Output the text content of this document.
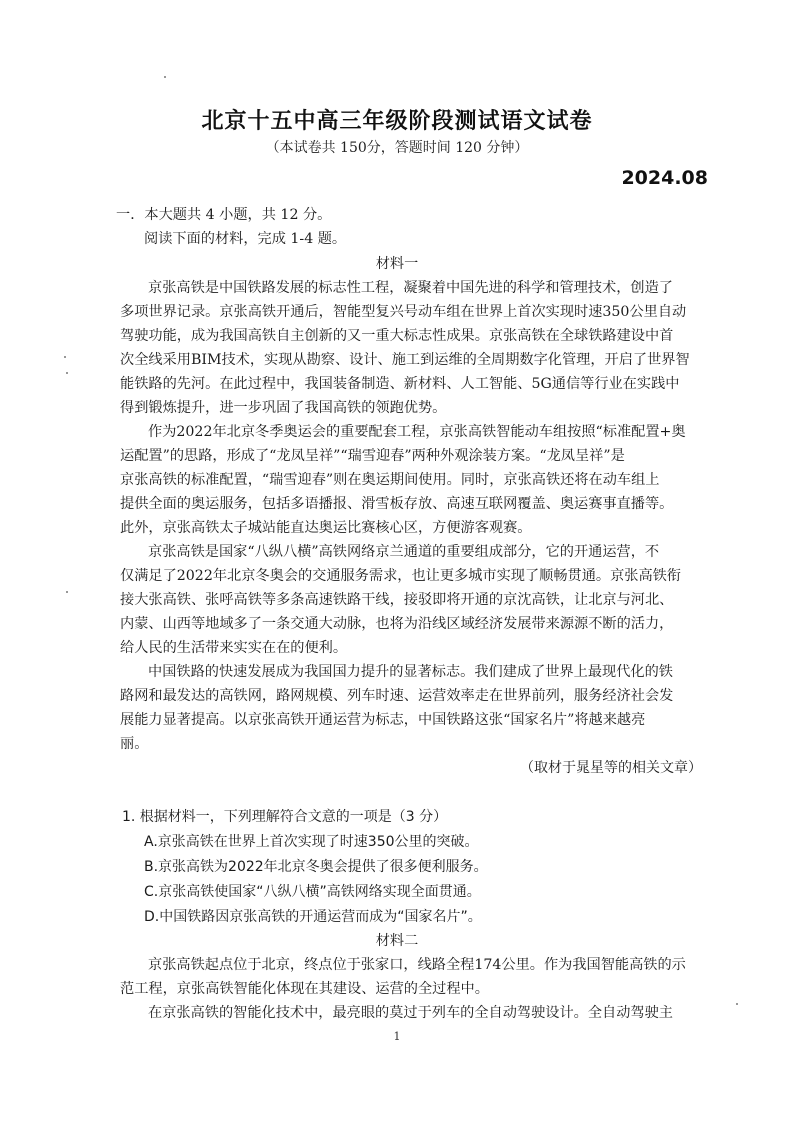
北京十五中高三年级阶段测试语文试卷
（本试卷共 150分，答题时间 120 分钟）
2024.08
一．本大题共 4 小题，共 12 分。
阅读下面的材料，完成 1-4 题。
材料一
京张高铁是中国铁路发展的标志性工程，凝聚着中国先进的科学和管理技术，创造了
多项世界记录。京张高铁开通后，智能型复兴号动车组在世界上首次实现时速350公里自动
驾驶功能，成为我国高铁自主创新的又一重大标志性成果。京张高铁在全球铁路建设中首
次全线采用BIM技术，实现从勘察、设计、施工到运维的全周期数字化管理，开启了世界智
能铁路的先河。在此过程中，我国装备制造、新材料、人工智能、5G通信等行业在实践中
得到锻炼提升，进一步巩固了我国高铁的领跑优势。
作为2022年北京冬季奥运会的重要配套工程，京张高铁智能动车组按照“标准配置+奥
运配置”的思路，形成了“龙凤呈祥”“瑞雪迎春”两种外观涂装方案。“龙凤呈祥”是
京张高铁的标准配置，“瑞雪迎春”则在奥运期间使用。同时，京张高铁还将在动车组上
提供全面的奥运服务，包括多语播报、滑雪板存放、高速互联网覆盖、奥运赛事直播等。
此外，京张高铁太子城站能直达奥运比赛核心区，方便游客观赛。
京张高铁是国家“八纵八横”高铁网络京兰通道的重要组成部分，它的开通运营，不
仅满足了2022年北京冬奥会的交通服务需求，也让更多城市实现了顺畅贯通。京张高铁衔
接大张高铁、张呼高铁等多条高速铁路干线，接驳即将开通的京沈高铁，让北京与河北、
内蒙、山西等地域多了一条交通大动脉，也将为沿线区域经济发展带来源源不断的活力，
给人民的生活带来实实在在的便利。
中国铁路的快速发展成为我国国力提升的显著标志。我们建成了世界上最现代化的铁
路网和最发达的高铁网，路网规模、列车时速、运营效率走在世界前列，服务经济社会发
展能力显著提高。以京张高铁开通运营为标志，中国铁路这张“国家名片”将越来越亮
丽。
（取材于晁星等的相关文章）
1. 根据材料一，下列理解符合文意的一项是（3 分）
A.京张高铁在世界上首次实现了时速350公里的突破。
B.京张高铁为2022年北京冬奥会提供了很多便利服务。
C.京张高铁使国家“八纵八横”高铁网络实现全面贯通。
D.中国铁路因京张高铁的开通运营而成为“国家名片”。
材料二
京张高铁起点位于北京，终点位于张家口，线路全程174公里。作为我国智能高铁的示
范工程，京张高铁智能化体现在其建设、运营的全过程中。
在京张高铁的智能化技术中，最亮眼的莫过于列车的全自动驾驶设计。全自动驾驶主
1
